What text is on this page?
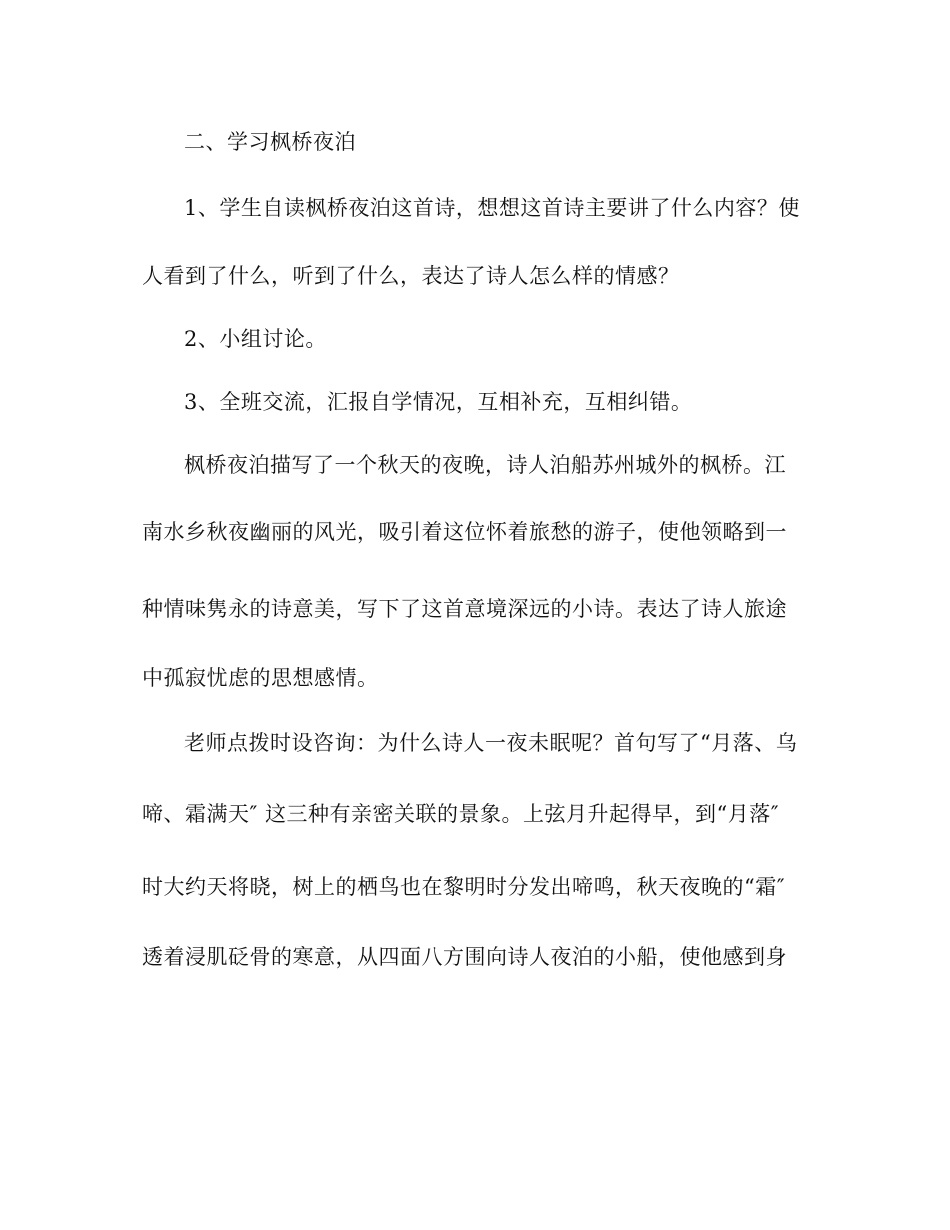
二、学习枫桥夜泊
1、学生自读枫桥夜泊这首诗，想想这首诗主要讲了什么内容？使
人看到了什么，听到了什么，表达了诗人怎么样的情感？
2、小组讨论。
3、全班交流，汇报自学情况，互相补充，互相纠错。
枫桥夜泊描写了一个秋天的夜晚，诗人泊船苏州城外的枫桥。江
南水乡秋夜幽丽的风光，吸引着这位怀着旅愁的游子，使他领略到一
种情味隽永的诗意美，写下了这首意境深远的小诗。表达了诗人旅途
中孤寂忧虑的思想感情。
老师点拨时设咨询：为什么诗人一夜未眠呢？首句写了“月落、乌
啼、霜满天″ 这三种有亲密关联的景象。上弦月升起得早，到“月落″
时大约天将晓，树上的栖鸟也在黎明时分发出啼鸣，秋天夜晚的“霜″
透着浸肌砭骨的寒意，从四面八方围向诗人夜泊的小船，使他感到身
